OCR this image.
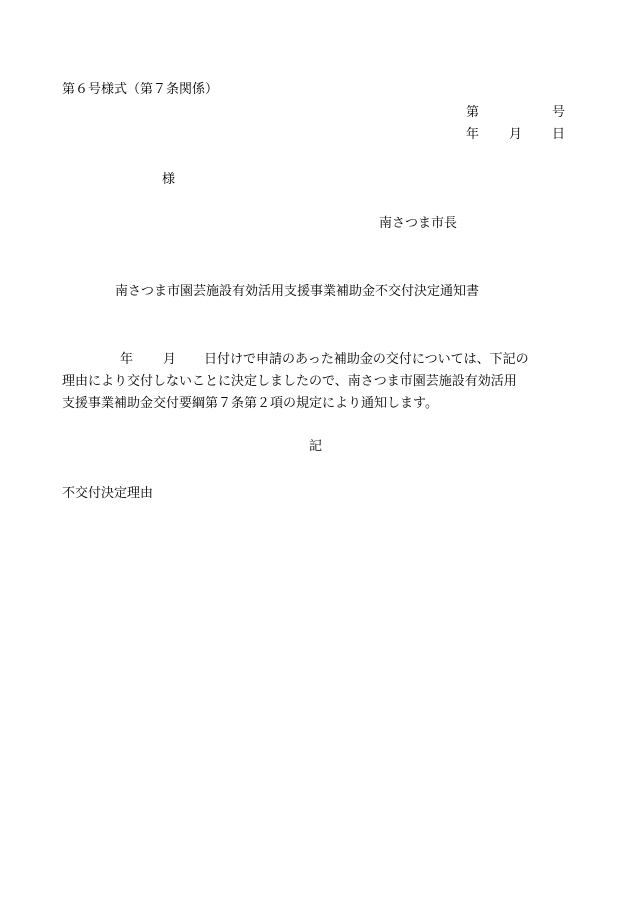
第６号様式（第７条関係）

第	号
年 月 日
様
南さつま市長
南さつま市園芸施設有効活用支援事業補助金不交付決定通知書
年 月 日付けで申請のあった補助金の交付については、下記の
理由により交付しないことに決定しましたので、南さつま市園芸施設有効活用
支援事業補助金交付要綱第７条第２項の規定により通知します。
記
不交付決定理由
